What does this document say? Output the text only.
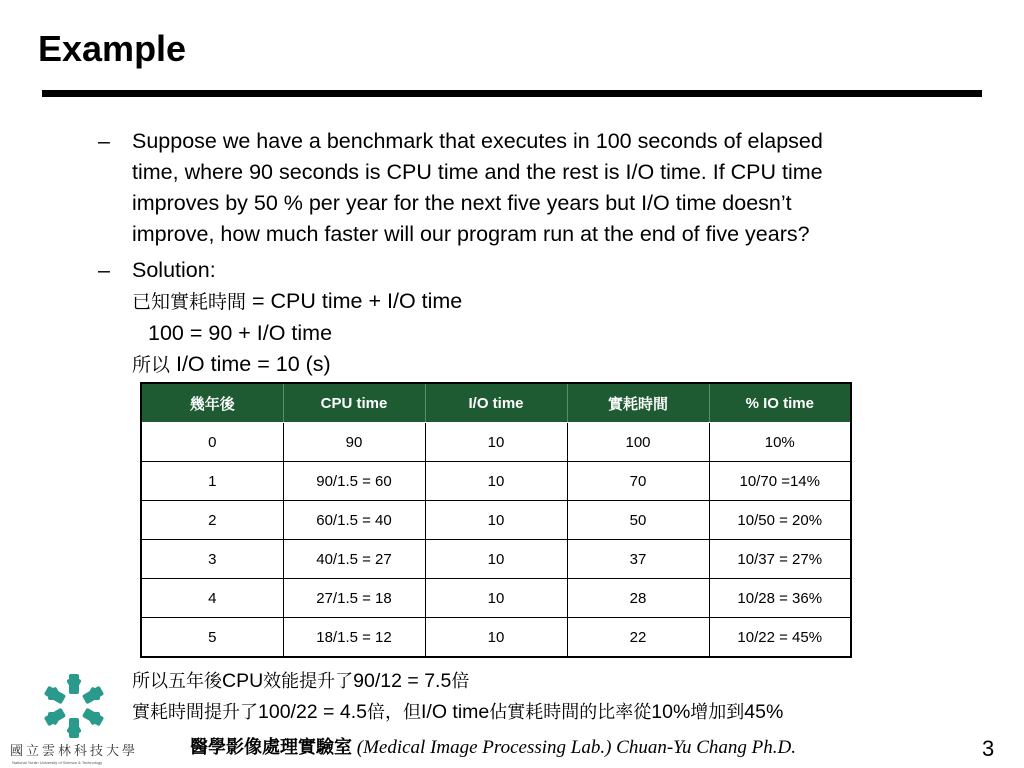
Example
– Suppose we have a benchmark that executes in 100 seconds of elapsed

time, where 90 seconds is CPU time and the rest is I/O time. If CPU time

improves by 50 % per year for the next five years but I/O time doesn’t

improve, how much faster will our program run at the end of five years?

– Solution:

已知實耗時間 = CPU time + I/O time

100 = 90 + I/O time

所以 I/O time = 10 (s)

幾年後	CPU time	I/O time	實耗時間	% IO time
0	90	10	100	10%
1	90/1.5 = 60	10	70	10/70 =14%
2	60/1.5 = 40	10	50	10/50 = 20%
3	40/1.5 = 27	10	37	10/37 = 27%
4	27/1.5 = 18	10	28	10/28 = 36%
5	18/1.5 = 12	10	22	10/22 = 45%

所以五年後CPU效能提升了90/12 = 7.5倍

實耗時間提升了100/22 = 4.5倍，但I/O time佔實耗時間的比率從10%增加到45%

國立雲林科技大學
National Yunlin University of Science & Technology
醫學影像處理實驗室 (Medical Image Processing Lab.) Chuan-Yu Chang Ph.D.	3
